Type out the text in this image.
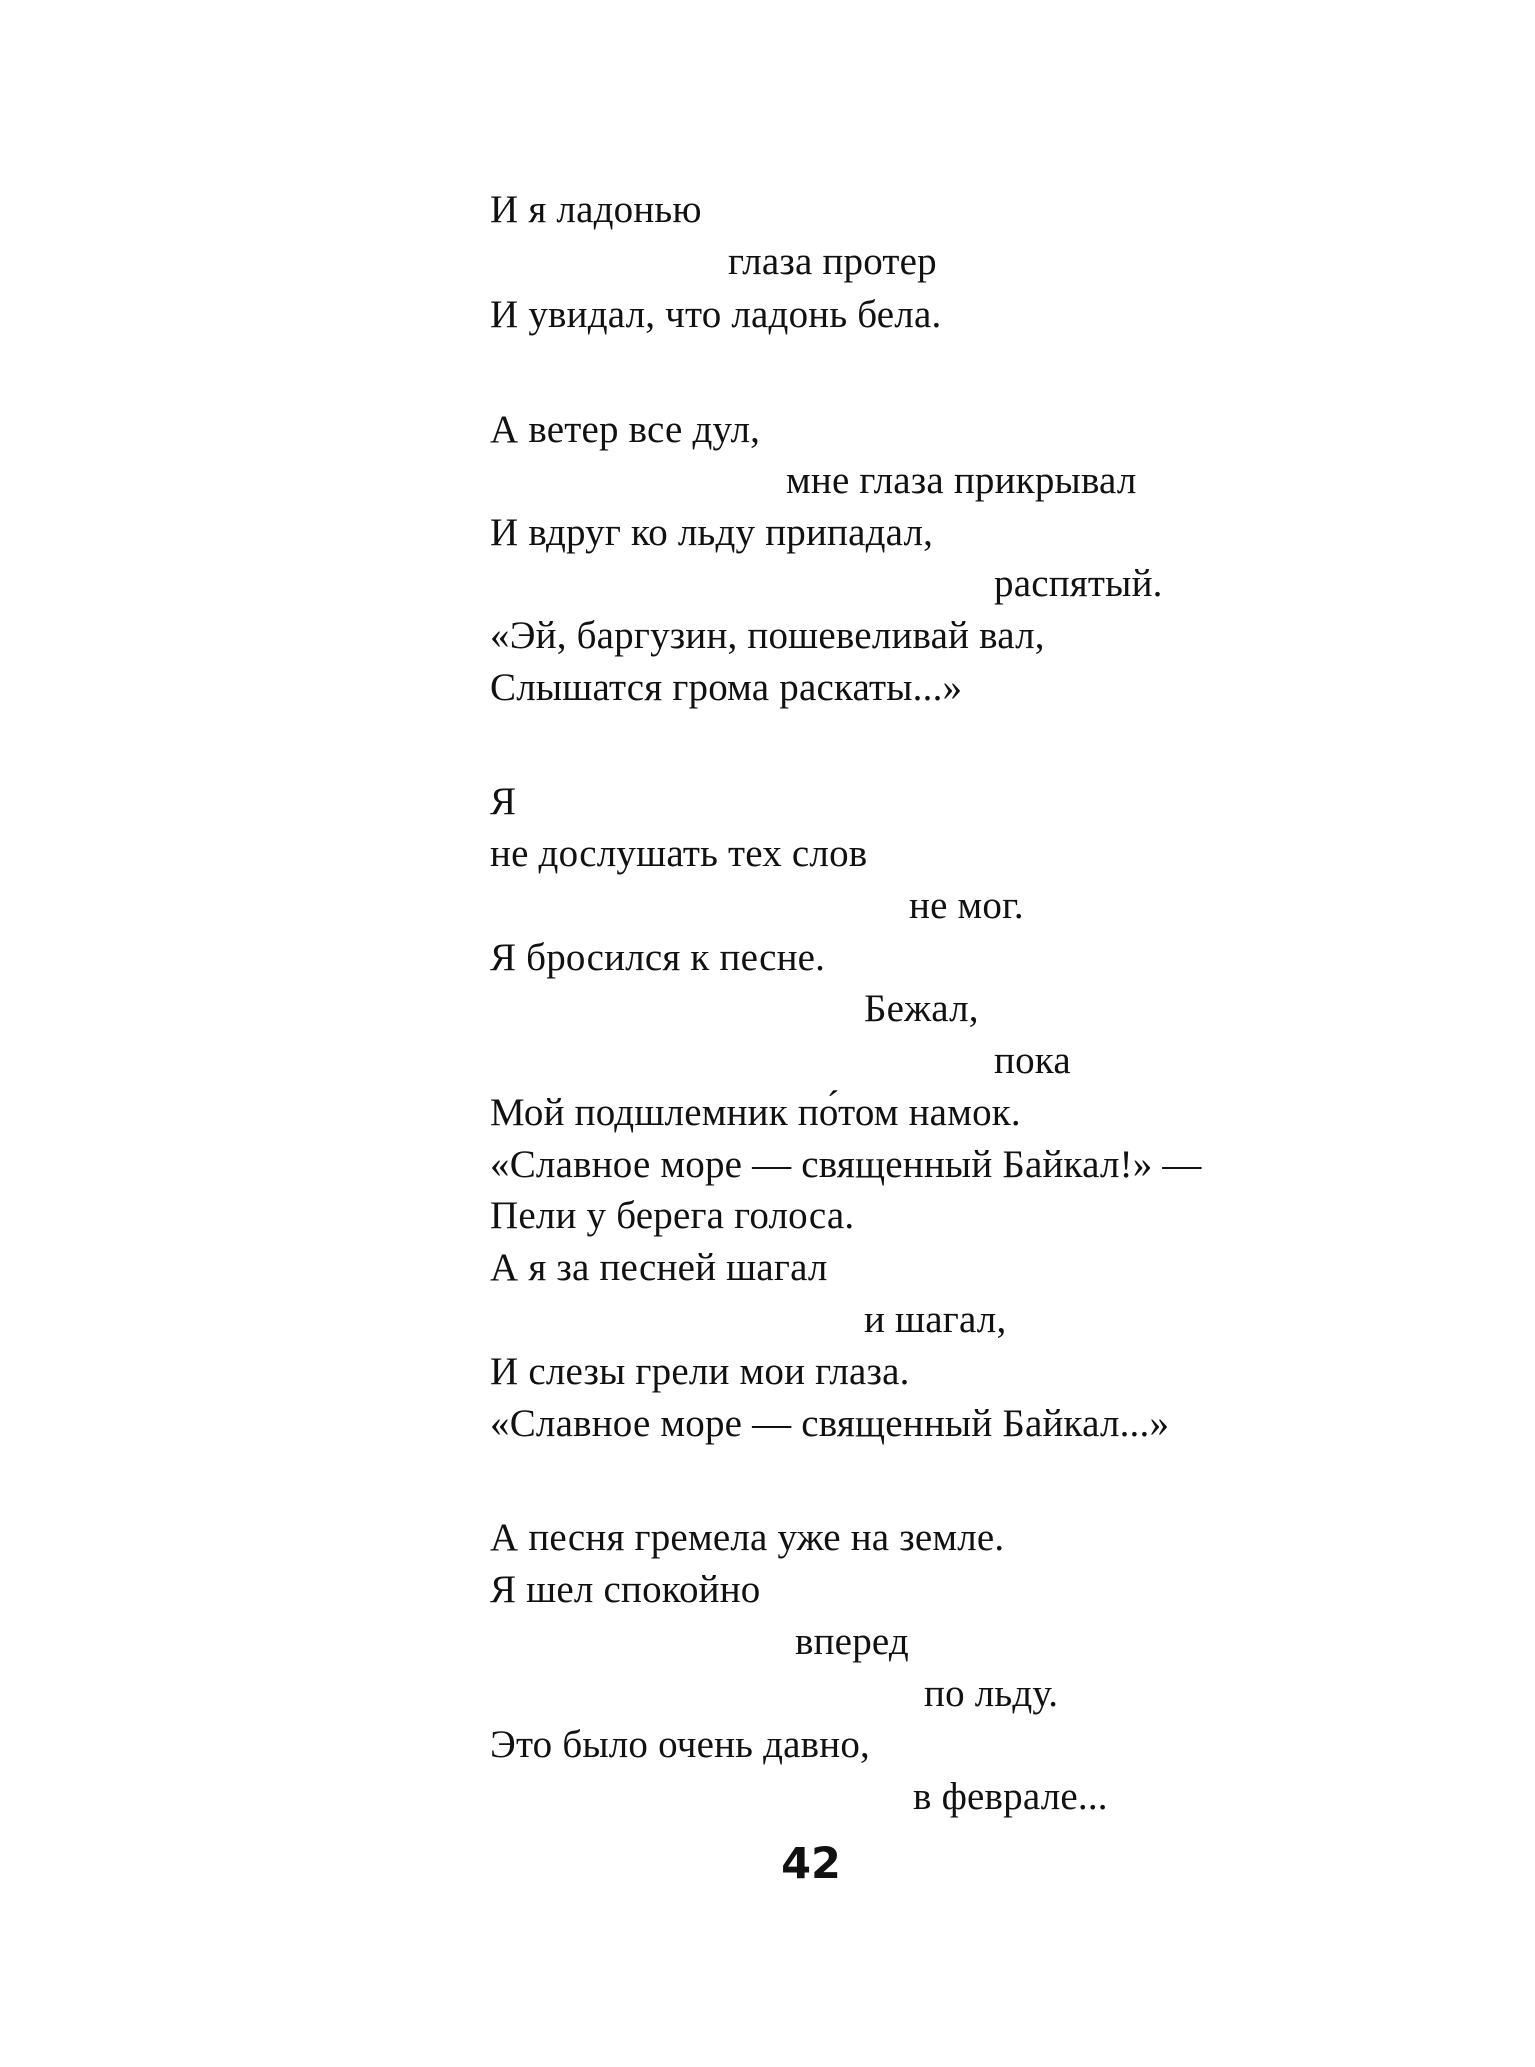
И я ладонью
глаза протер
И увидал, что ладонь бела.
А ветер все дул,
мне глаза прикрывал
И вдруг ко льду припадал,
распятый.
«Эй, баргузин, пошевеливай вал,
Слышатся грома раскаты...»
Я
не дослушать тех слов
не мог.
Я бросился к песне.
Бежал,
пока
Мой подшлемник по́том намок.
«Славное море — священный Байкал!» —
Пели у берега голоса.
А я за песней шагал
и шагал,
И слезы грели мои глаза.
«Славное море — священный Байкал...»
А песня гремела уже на земле.
Я шел спокойно
вперед
по льду.
Это было очень давно,
в феврале...
42
